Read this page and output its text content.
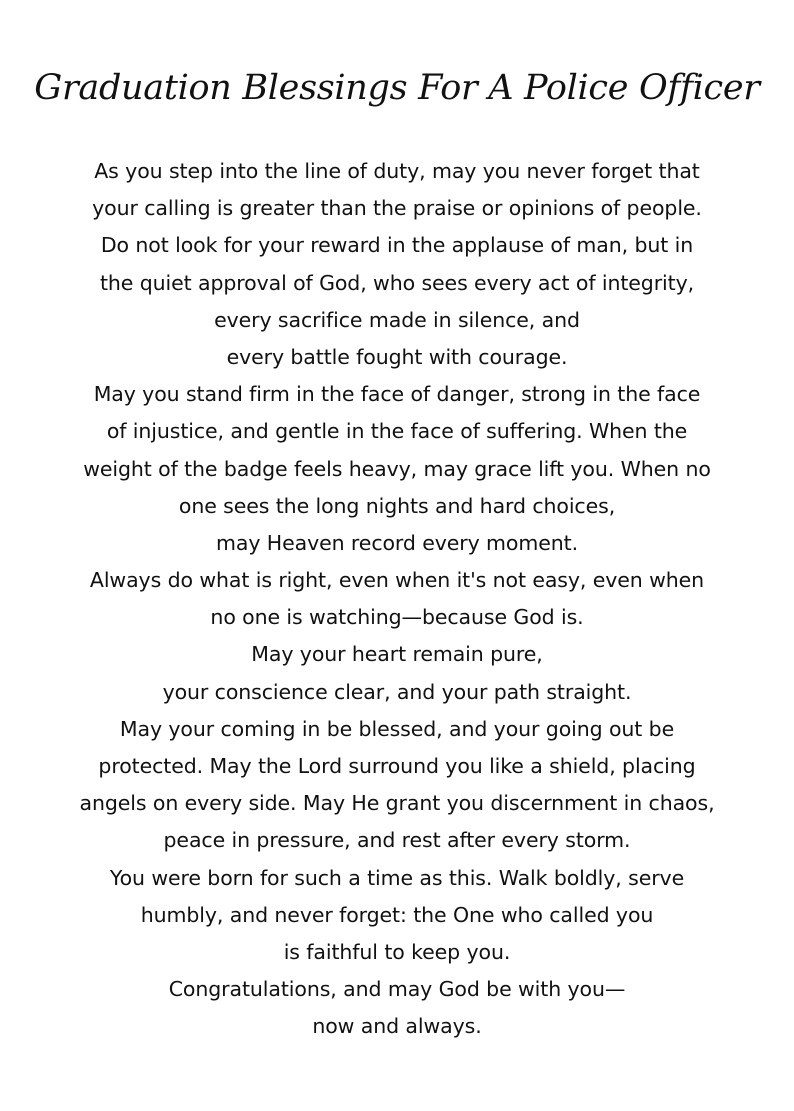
Graduation Blessings For A Police Officer
As you step into the line of duty, may you never forget that
your calling is greater than the praise or opinions of people.
Do not look for your reward in the applause of man, but in
the quiet approval of God, who sees every act of integrity,
every sacrifice made in silence, and
every battle fought with courage.
May you stand firm in the face of danger, strong in the face
of injustice, and gentle in the face of suffering. When the
weight of the badge feels heavy, may grace lift you. When no
one sees the long nights and hard choices,
may Heaven record every moment.
Always do what is right, even when it's not easy, even when
no one is watching—because God is.
May your heart remain pure,
your conscience clear, and your path straight.
May your coming in be blessed, and your going out be
protected. May the Lord surround you like a shield, placing
angels on every side. May He grant you discernment in chaos,
peace in pressure, and rest after every storm.
You were born for such a time as this. Walk boldly, serve
humbly, and never forget: the One who called you
is faithful to keep you.
Congratulations, and may God be with you—
now and always.
